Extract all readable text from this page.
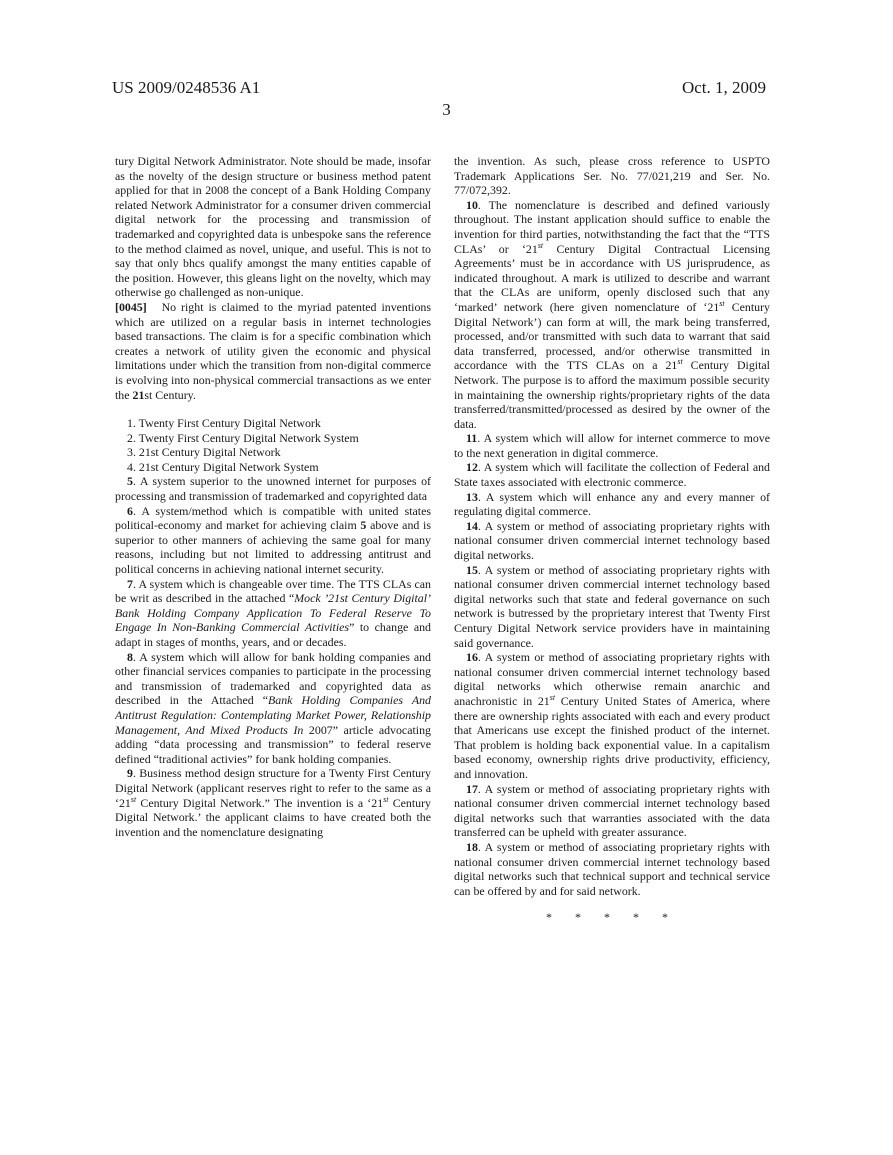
US 2009/0248536 A1	Oct. 1, 2009
3

tury Digital Network Administrator. Note should be made, insofar as the novelty of the design structure or business method patent applied for that in 2008 the concept of a Bank Holding Company related Network Administrator for a consumer driven commercial digital network for the processing and transmission of trademarked and copyrighted data is unbespoke sans the reference to the method claimed as novel, unique, and useful. This is not to say that only bhcs qualify amongst the many entities capable of the position. However, this gleans light on the novelty, which may otherwise go challenged as non-unique.

[0045] No right is claimed to the myriad patented inventions which are utilized on a regular basis in internet technologies based transactions. The claim is for a specific combination which creates a network of utility given the economic and physical limitations under which the transition from non-digital commerce is evolving into non-physical commercial transactions as we enter the 21st Century.

1. Twenty First Century Digital Network

2. Twenty First Century Digital Network System

3. 21st Century Digital Network

4. 21st Century Digital Network System

5. A system superior to the unowned internet for purposes of processing and transmission of trademarked and copyrighted data

6. A system/method which is compatible with united states political-economy and market for achieving claim 5 above and is superior to other manners of achieving the same goal for many reasons, including but not limited to addressing antitrust and political concerns in achieving national internet security.

7. A system which is changeable over time. The TTS CLAs can be writ as described in the attached “Mock ’21st Century Digital’ Bank Holding Company Application To Federal Reserve To Engage In Non-Banking Commercial Activities” to change and adapt in stages of months, years, and or decades.

8. A system which will allow for bank holding companies and other financial services companies to participate in the processing and transmission of trademarked and copyrighted data as described in the Attached “Bank Holding Companies And Antitrust Regulation: Contemplating Market Power, Relationship Management, And Mixed Products In 2007” article advocating adding “data processing and transmission” to federal reserve defined “traditional activies” for bank holding companies.

9. Business method design structure for a Twenty First Century Digital Network (applicant reserves right to refer to the same as a ‘21st Century Digital Network.” The invention is a ‘21st Century Digital Network.’ the applicant claims to have created both the invention and the nomenclature designating

the invention. As such, please cross reference to USPTO Trademark Applications Ser. No. 77/021,219 and Ser. No. 77/072,392.

10. The nomenclature is described and defined variously throughout. The instant application should suffice to enable the invention for third parties, notwithstanding the fact that the “TTS CLAs’ or ‘21st Century Digital Contractual Licensing Agreements’ must be in accordance with US jurisprudence, as indicated throughout. A mark is utilized to describe and warrant that the CLAs are uniform, openly disclosed such that any ‘marked’ network (here given nomenclature of ‘21st Century Digital Network’) can form at will, the mark being transferred, processed, and/or transmitted with such data to warrant that said data transferred, processed, and/or otherwise transmitted in accordance with the TTS CLAs on a 21st Century Digital Network. The purpose is to afford the maximum possible security in maintaining the ownership rights/proprietary rights of the data transferred/transmitted/processed as desired by the owner of the data.

11. A system which will allow for internet commerce to move to the next generation in digital commerce.

12. A system which will facilitate the collection of Federal and State taxes associated with electronic commerce.

13. A system which will enhance any and every manner of regulating digital commerce.

14. A system or method of associating proprietary rights with national consumer driven commercial internet technology based digital networks.

15. A system or method of associating proprietary rights with national consumer driven commercial internet technology based digital networks such that state and federal governance on such network is butressed by the proprietary interest that Twenty First Century Digital Network service providers have in maintaining said governance.

16. A system or method of associating proprietary rights with national consumer driven commercial internet technology based digital networks which otherwise remain anarchic and anachronistic in 21st Century United States of America, where there are ownership rights associated with each and every product that Americans use except the finished product of the internet. That problem is holding back exponential value. In a capitalism based economy, ownership rights drive productivity, efficiency, and innovation.

17. A system or method of associating proprietary rights with national consumer driven commercial internet technology based digital networks such that warranties associated with the data transferred can be upheld with greater assurance.

18. A system or method of associating proprietary rights with national consumer driven commercial internet technology based digital networks such that technical support and technical service can be offered by and for said network.

* * * * *
